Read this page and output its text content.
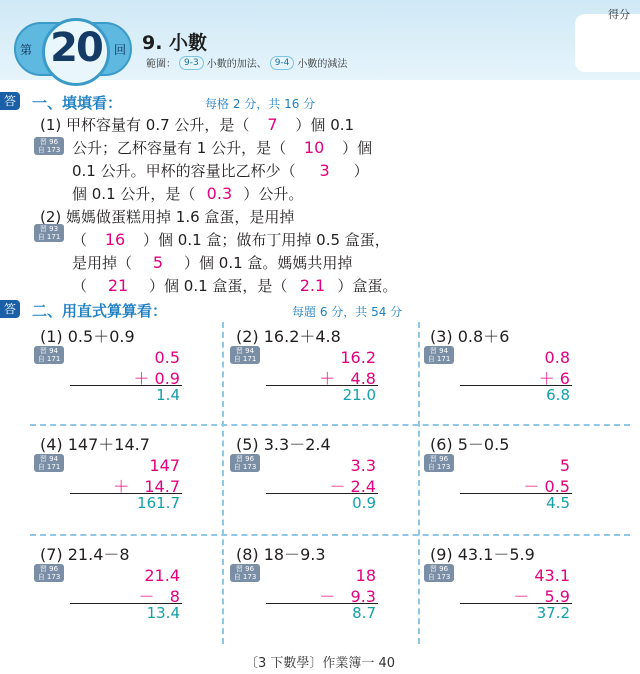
得分
第 20	回 9. 小數
範圍： 9-3 小數的加法、 9-4 小數的減法
答 一、填填看：	每格 2 分，共 16 分
習 96
自 173
(1) 甲杯容量有 0.7 公升，是（ 7 ）個 0.1
公升；乙杯容量有 1 公升，是（ 10 ）個
0.1 公升。甲杯的容量比乙杯少（ 3 ）
個 0.1 公升，是（ 0.3 ）公升。
習 93
自 171
(2) 媽媽做蛋糕用掉 1.6 盒蛋，是用掉
（ 16 ）個 0.1 盒；做布丁用掉 0.5 盒蛋，
是用掉（ 5 ）個 0.1 盒。媽媽共用掉
（ 21 ）個 0.1 盒蛋，是（ 2.1 ）盒蛋。
答 二、用直式算算看：	每題 6 分，共 54 分
(1) 0.5＋0.9
習 94
自 171	0.5
＋ 0.9
1.4
(2) 16.2＋4.8
習 94
自 171	16.2
＋   4.8
21.0
(3) 0.8＋6
習 94
自 171	0.8
＋ 6
6.8
(4) 147＋14.7
習 94
自 171	147
＋   14.7
161.7
(5) 3.3－2.4
習 96
自 173	3.3
－ 2.4
0.9
(6) 5－0.5
習 96
自 173	5
－ 0.5
4.5
(7) 21.4－8
習 96
自 173	21.4
－   8
13.4
(8) 18－9.3
習 96
自 173	18
－   9.3
8.7
(9) 43.1－5.9
習 96
自 173	43.1
－   5.9
37.2
〔3 下數學〕作業簿一 40
